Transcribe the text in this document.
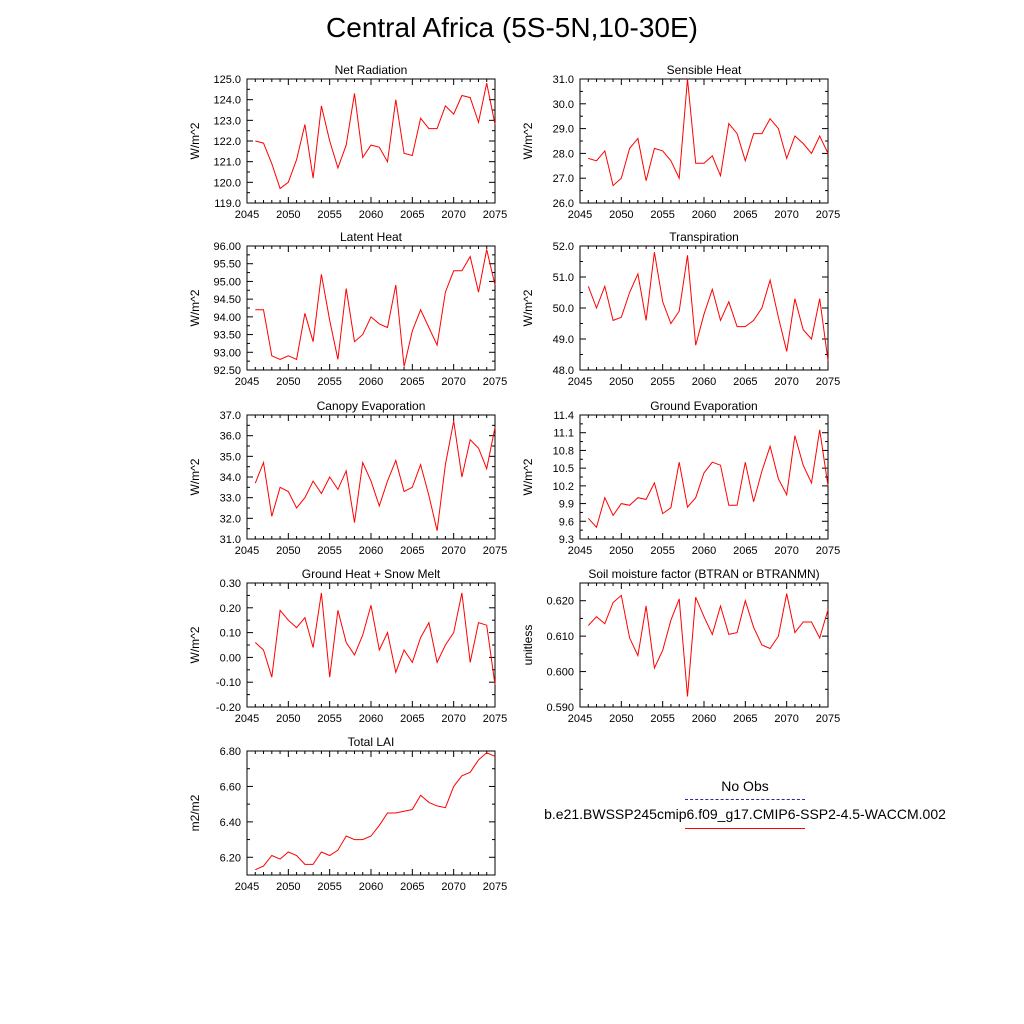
Central Africa (5S-5N,10-30E)
2045 2050 2055 2060 2065 2070 2075
119.0
120.0
121.0
122.0
123.0
124.0
125.0
Net Radiation
W/m^2
2045 2050 2055 2060 2065 2070 2075
26.0
27.0
28.0
29.0
30.0
31.0
Sensible Heat
W/m^2
2045 2050 2055 2060 2065 2070 2075
92.50
93.00
93.50
94.00
94.50
95.00
95.50
96.00
Latent Heat
W/m^2
2045 2050 2055 2060 2065 2070 2075
48.0
49.0
50.0
51.0
52.0
Transpiration
W/m^2
2045 2050 2055 2060 2065 2070 2075
31.0
32.0
33.0
34.0
35.0
36.0
37.0
Canopy Evaporation
W/m^2
2045 2050 2055 2060 2065 2070 2075
9.3
9.6
9.9
10.2
10.5
10.8
11.1
11.4
Ground Evaporation
W/m^2
2045 2050 2055 2060 2065 2070 2075
-0.20
-0.10
0.00
0.10
0.20
0.30
Ground Heat + Snow Melt
W/m^2
2045 2050 2055 2060 2065 2070 2075
0.590
0.600
0.610
0.620
Soil moisture factor (BTRAN or BTRANMN)
unitless
2045 2050 2055 2060 2065 2070 2075
6.20
6.40
6.60
6.80
Total LAI
m2/m2
No Obs
b.e21.BWSSP245cmip6.f09_g17.CMIP6-SSP2-4.5-WACCM.002
